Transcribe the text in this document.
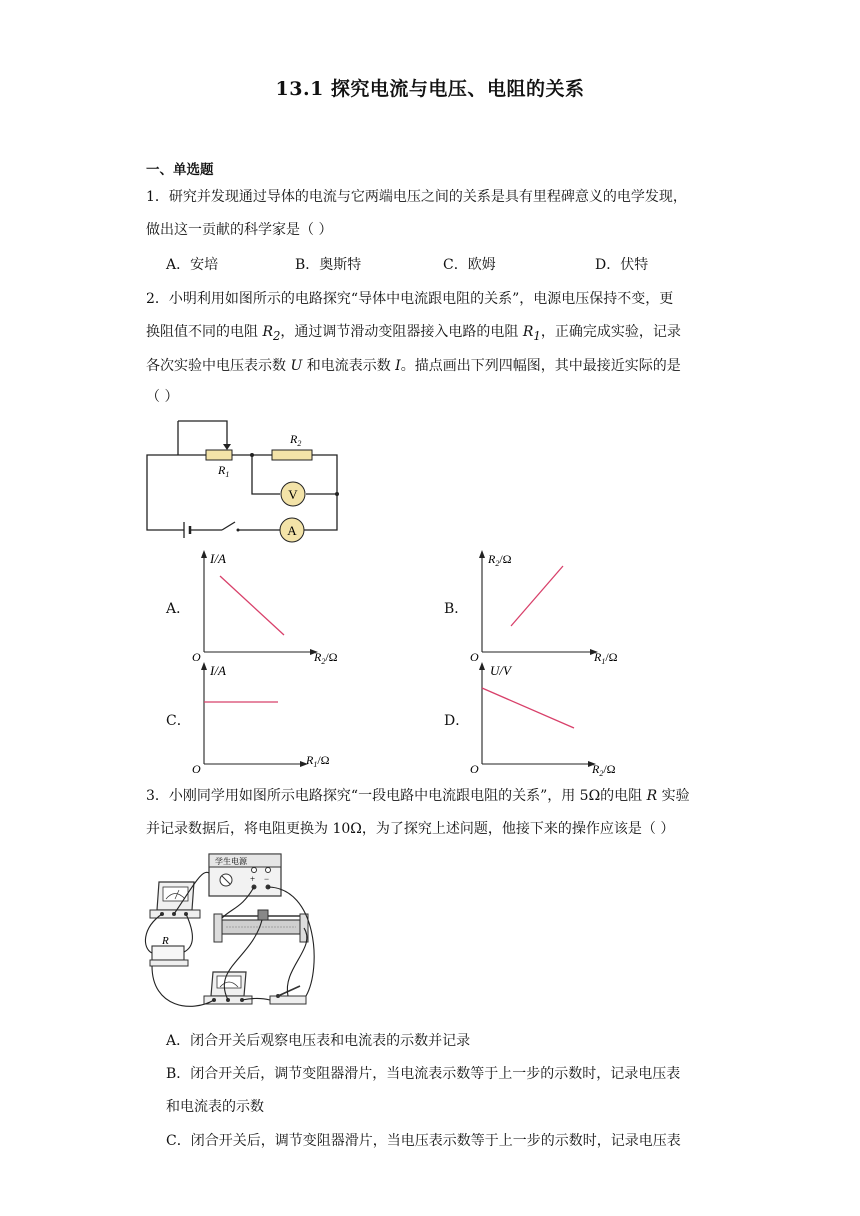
13.1 探究电流与电压、电阻的关系
一、单选题
1．研究并发现通过导体的电流与它两端电压之间的关系是具有里程碑意义的电学发现，
做出这一贡献的科学家是（ ）
A．安培	B．奥斯特	C．欧姆	D．伏特
2．小明利用如图所示的电路探究“导体中电流跟电阻的关系”，电源电压保持不变，更
换阻值不同的电阻 $R_2$，通过调节滑动变阻器接入电路的电阻 $R_1$，正确完成实验，记录
各次实验中电压表示数 U 和电流表示数 I。描点画出下列四幅图，其中最接近实际的是
（ ）
V
A
$R_1$
$R_2$
A．
I/A
O	$R_2/\Omega$
B．
$R_2/\Omega$
O	$R_1/\Omega$
C．
I/A
O
$R_1/\Omega$
D．
U/V
O	$R_2/\Omega$
3．小刚同学用如图所示电路探究“一段电路中电流跟电阻的关系”，用 5Ω的电阻 R 实验
并记录数据后，将电阻更换为 10Ω，为了探究上述问题，他接下来的操作应该是（ ）
学生电源
+ −
R
A．闭合开关后观察电压表和电流表的示数并记录
B．闭合开关后，调节变阻器滑片，当电流表示数等于上一步的示数时，记录电压表
和电流表的示数
C．闭合开关后，调节变阻器滑片，当电压表示数等于上一步的示数时，记录电压表
